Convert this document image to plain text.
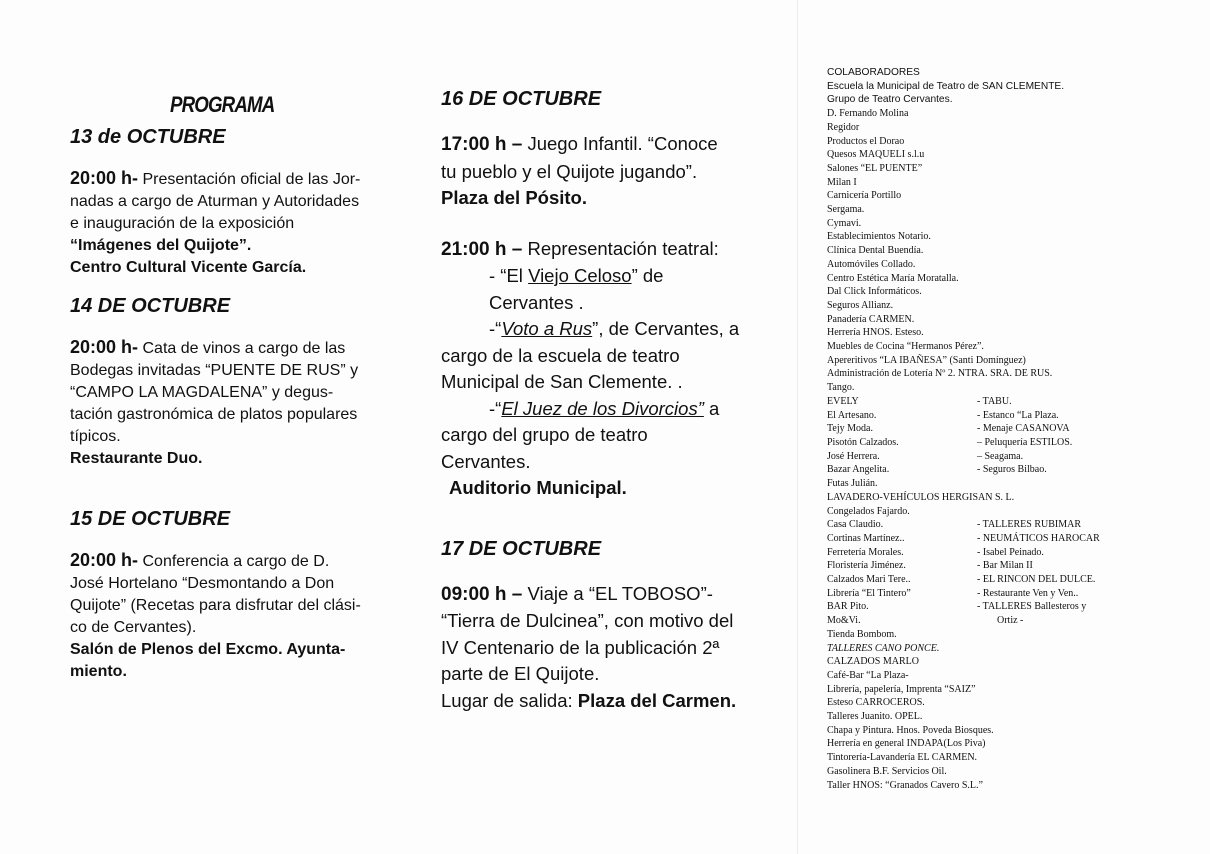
PROGRAMA
13 de OCTUBRE
20:00 h- Presentación oficial de las Jor-
nadas a cargo de Aturman y Autoridades
e inauguración de la exposición
“Imágenes del Quijote”.
Centro Cultural Vicente García.
14 DE OCTUBRE
20:00 h- Cata de vinos a cargo de las
Bodegas invitadas “PUENTE DE RUS” y
“CAMPO LA MAGDALENA” y degus-
tación gastronómica de platos populares
típicos.
Restaurante Duo.
15 DE OCTUBRE
20:00 h- Conferencia a cargo de D.
José Hortelano “Desmontando a Don
Quijote” (Recetas para disfrutar del clási-
co de Cervantes).
Salón de Plenos del Excmo. Ayunta-
miento.
16 DE OCTUBRE
17:00 h – Juego Infantil. “Conoce
tu pueblo y el Quijote jugando”.
Plaza del Pósito.
21:00 h – Representación teatral:
- “El Viejo Celoso” de
Cervantes .
-“Voto a Rus”, de Cervantes, a
cargo de la escuela de teatro
Municipal de San Clemente. .
-“El Juez de los Divorcios” a
cargo del grupo de teatro
Cervantes.
Auditorio Municipal.
17 DE OCTUBRE
09:00 h – Viaje a “EL TOBOSO”-
“Tierra de Dulcinea”, con motivo del
IV Centenario de la publicación 2ª
parte de El Quijote.
Lugar de salida: Plaza del Carmen.
COLABORADORES
Escuela la Municipal de Teatro de SAN CLEMENTE.
Grupo de Teatro Cervantes.
D. Fernando Molina
Regidor
Productos el Dorao
Quesos MAQUELI s.l.u
Salones “EL PUENTE”
Milan I
Carnicería Portillo
Sergama.
Cymavi.
Establecimientos Notario.
Clínica Dental Buendía.
Automóviles Collado.
Centro Estética María Moratalla.
Dal Click Informáticos.
Seguros Allianz.
Panadería CARMEN.
Herrería HNOS. Esteso.
Muebles de Cocina “Hermanos Pérez”.
Apereritivos “LA IBAÑESA” (Santi Domínguez)
Administración de Lotería Nº 2. NTRA. SRA. DE RUS.
Tango.
EVELY	- TABU.
El Artesano.	- Estanco “La Plaza.
Tejy Moda.	- Menaje CASANOVA
Pisotón Calzados.	– Peluquería ESTILOS.
José Herrera.	– Seagama.
Bazar Angelita.	- Seguros Bilbao.
Futas Julián.
LAVADERO-VEHÍCULOS HERGISAN S. L.
Congelados Fajardo.
Casa Claudio.	- TALLERES RUBIMAR
Cortinas Martínez..	- NEUMÁTICOS HAROCAR
Ferretería Morales.	- Isabel Peinado.
Floristería Jiménez.	- Bar Milan II
Calzados Mari Tere..	- EL RINCON DEL DULCE.
Librería “El Tintero”	- Restaurante Ven y Ven..
BAR Pito.	- TALLERES Ballesteros y
Mo&Vi.	Ortiz -
Tienda Bombom.
TALLERES CANO PONCE.
CALZADOS MARLO
Café-Bar “La Plaza-
Librería, papelería, Imprenta “SAIZ”
Esteso CARROCEROS.
Talleres Juanito. OPEL.
Chapa y Pintura. Hnos. Poveda Biosques.
Herrería en general INDAPA(Los Piva)
Tintorería-Lavandería EL CARMEN.
Gasolinera B.F. Servicios Oil.
Taller HNOS: “Granados Cavero S.L.”
